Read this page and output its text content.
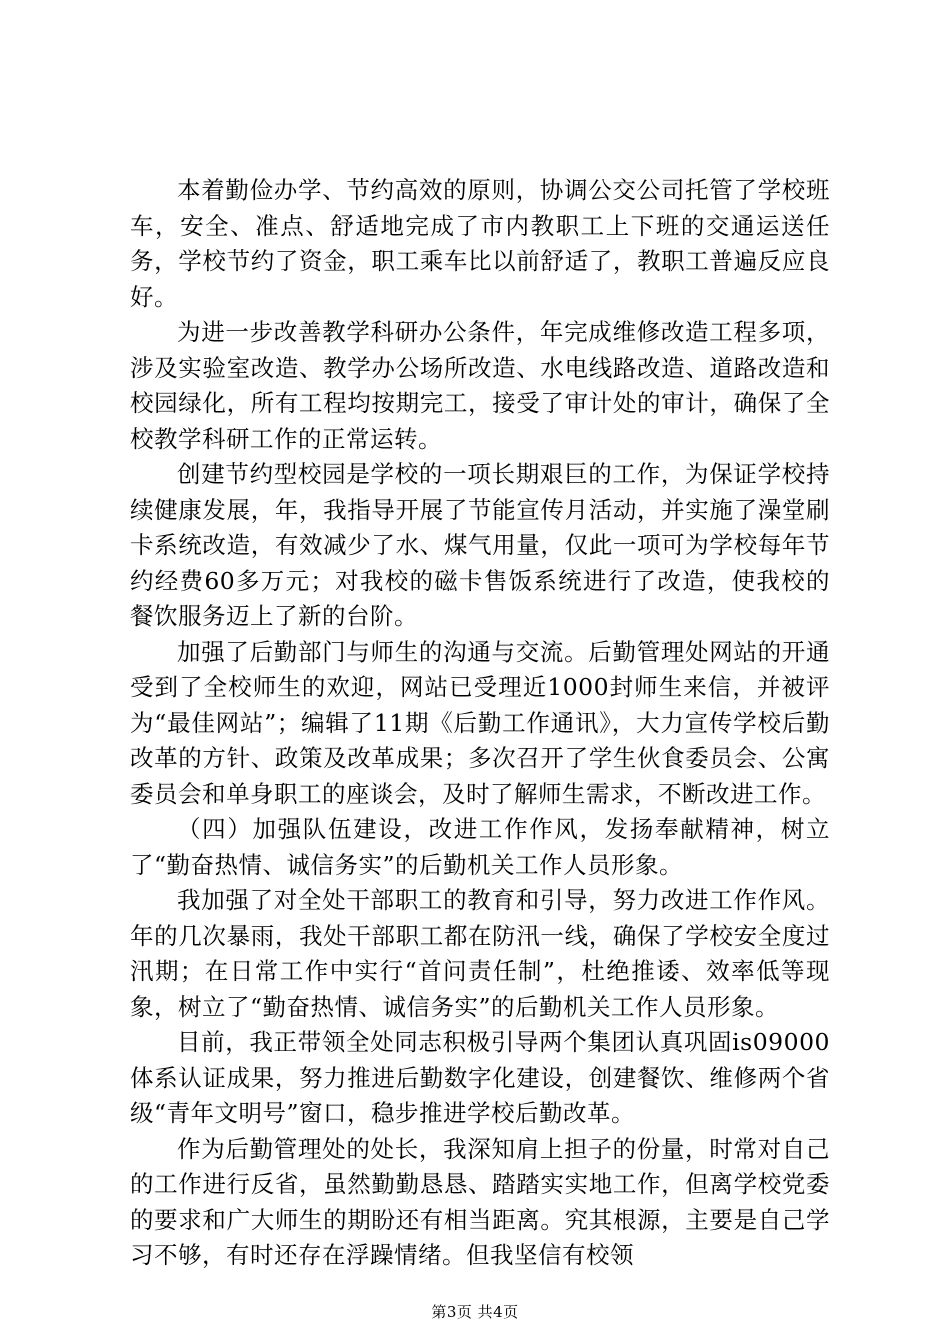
本着勤俭办学、节约高效的原则，协调公交公司托管了学校班车，安全、准点、舒适地完成了市内教职工上下班的交通运送任务，学校节约了资金，职工乘车比以前舒适了，教职工普遍反应良好。

为进一步改善教学科研办公条件，年完成维修改造工程多项，涉及实验室改造、教学办公场所改造、水电线路改造、道路改造和校园绿化，所有工程均按期完工，接受了审计处的审计，确保了全校教学科研工作的正常运转。

创建节约型校园是学校的一项长期艰巨的工作，为保证学校持续健康发展，年，我指导开展了节能宣传月活动，并实施了澡堂刷卡系统改造，有效减少了水、煤气用量，仅此一项可为学校每年节约经费60多万元；对我校的磁卡售饭系统进行了改造，使我校的餐饮服务迈上了新的台阶。

加强了后勤部门与师生的沟通与交流。后勤管理处网站的开通受到了全校师生的欢迎，网站已受理近1000封师生来信，并被评为“最佳网站”；编辑了11期《后勤工作通讯》，大力宣传学校后勤改革的方针、政策及改革成果；多次召开了学生伙食委员会、公寓委员会和单身职工的座谈会，及时了解师生需求，不断改进工作。

（四）加强队伍建设，改进工作作风，发扬奉献精神，树立了“勤奋热情、诚信务实”的后勤机关工作人员形象。

我加强了对全处干部职工的教育和引导，努力改进工作作风。年的几次暴雨，我处干部职工都在防汛一线，确保了学校安全度过汛期；在日常工作中实行“首问责任制”，杜绝推诿、效率低等现象，树立了“勤奋热情、诚信务实”的后勤机关工作人员形象。

目前，我正带领全处同志积极引导两个集团认真巩固is09000体系认证成果，努力推进后勤数字化建设，创建餐饮、维修两个省级“青年文明号”窗口，稳步推进学校后勤改革。

作为后勤管理处的处长，我深知肩上担子的份量，时常对自己的工作进行反省，虽然勤勤恳恳、踏踏实实地工作，但离学校党委的要求和广大师生的期盼还有相当距离。究其根源，主要是自己学习不够，有时还存在浮躁情绪。但我坚信有校领

第3页 共4页
